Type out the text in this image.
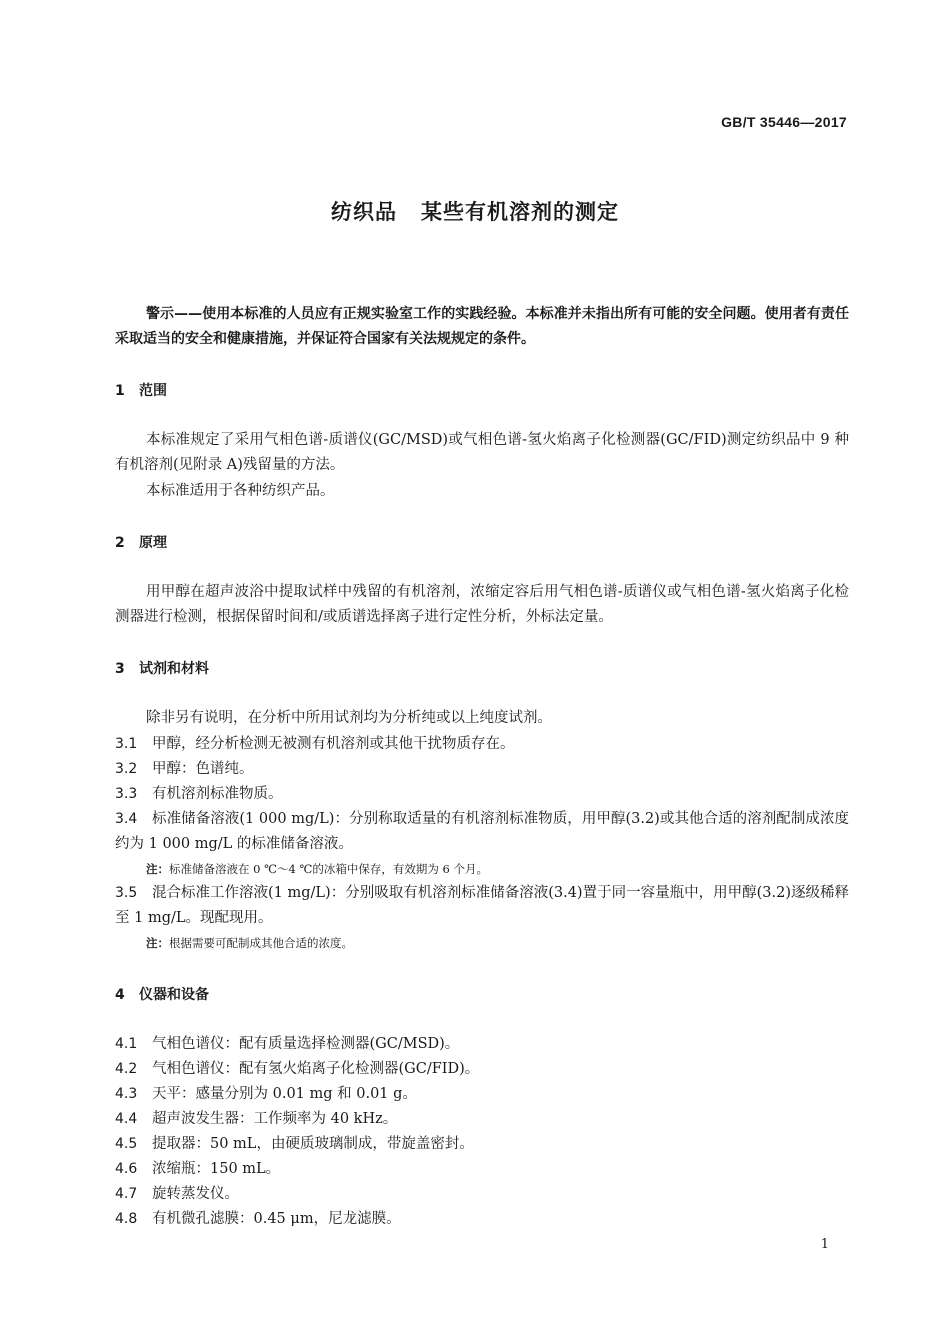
GB/T 35446—2017
纺织品 某些有机溶剂的测定
警示——使用本标准的人员应有正规实验室工作的实践经验。本标准并未指出所有可能的安全问题。使用者有责任采取适当的安全和健康措施，并保证符合国家有关法规规定的条件。
1 范围
本标准规定了采用气相色谱-质谱仪(GC/MSD)或气相色谱-氢火焰离子化检测器(GC/FID)测定纺织品中 9 种有机溶剂(见附录 A)残留量的方法。
本标准适用于各种纺织产品。
2 原理
用甲醇在超声波浴中提取试样中残留的有机溶剂，浓缩定容后用气相色谱-质谱仪或气相色谱-氢火焰离子化检测器进行检测，根据保留时间和/或质谱选择离子进行定性分析，外标法定量。
3 试剂和材料
除非另有说明，在分析中所用试剂均为分析纯或以上纯度试剂。
3.1 甲醇，经分析检测无被测有机溶剂或其他干扰物质存在。
3.2 甲醇：色谱纯。
3.3 有机溶剂标准物质。
3.4 标准储备溶液(1 000 mg/L)：分别称取适量的有机溶剂标准物质，用甲醇(3.2)或其他合适的溶剂配制成浓度约为 1 000 mg/L 的标准储备溶液。
注：标准储备溶液在 0 ℃～4 ℃的冰箱中保存，有效期为 6 个月。
3.5 混合标准工作溶液(1 mg/L)：分别吸取有机溶剂标准储备溶液(3.4)置于同一容量瓶中，用甲醇(3.2)逐级稀释至 1 mg/L。现配现用。
注：根据需要可配制成其他合适的浓度。
4 仪器和设备
4.1 气相色谱仪：配有质量选择检测器(GC/MSD)。
4.2 气相色谱仪：配有氢火焰离子化检测器(GC/FID)。
4.3 天平：感量分别为 0.01 mg 和 0.01 g。
4.4 超声波发生器：工作频率为 40 kHz。
4.5 提取器：50 mL，由硬质玻璃制成，带旋盖密封。
4.6 浓缩瓶：150 mL。
4.7 旋转蒸发仪。
4.8 有机微孔滤膜：0.45 μm，尼龙滤膜。
1
